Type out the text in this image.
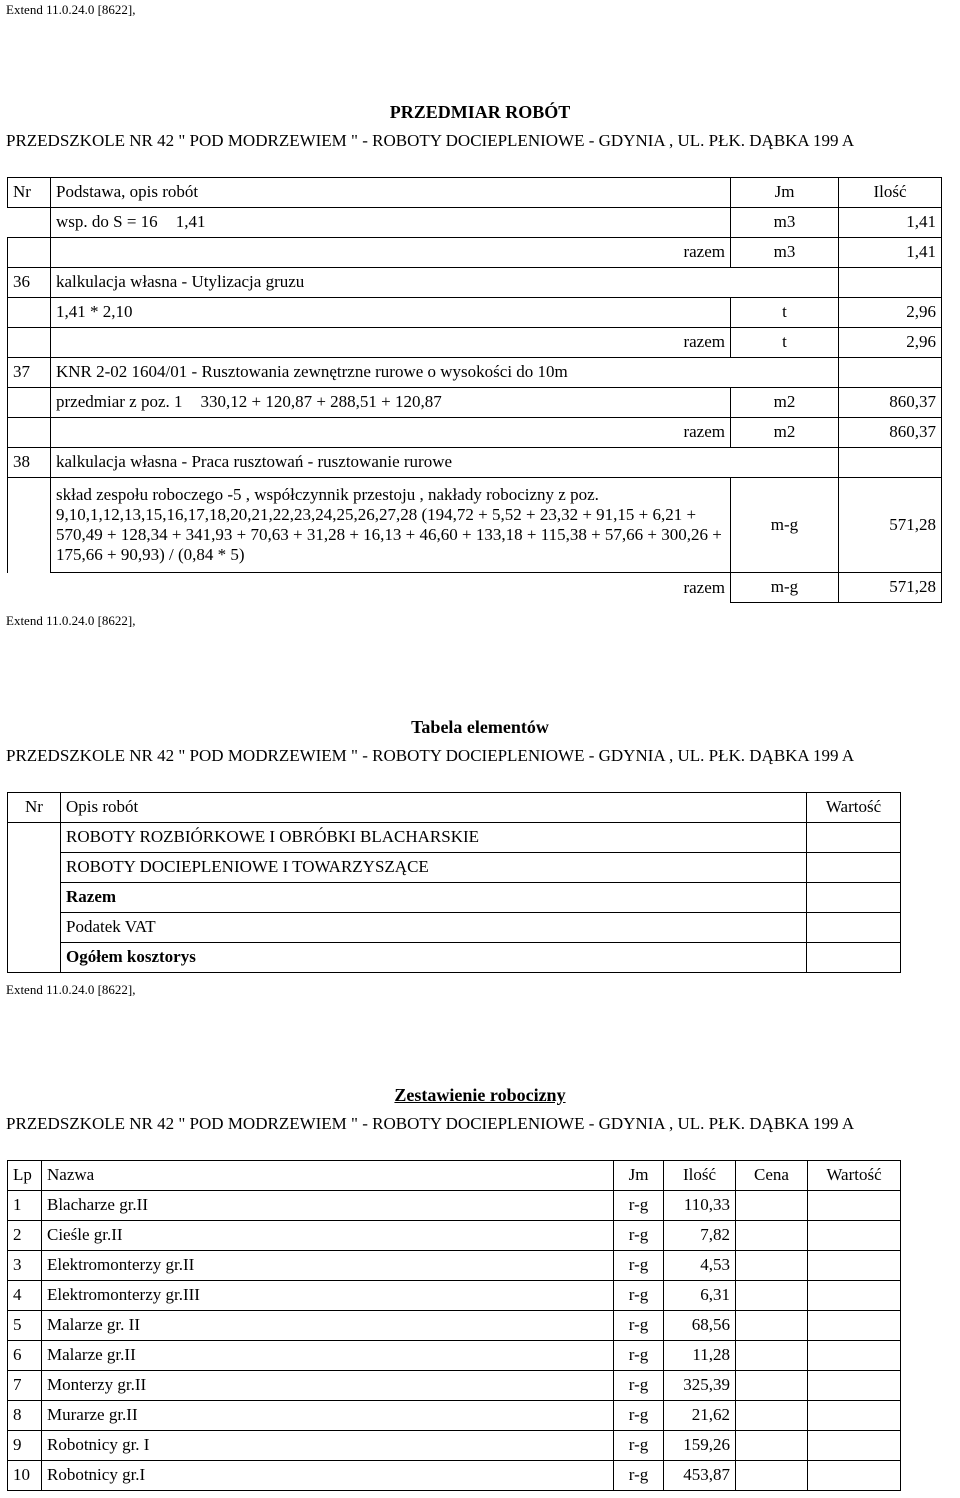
Extend 11.0.24.0 [8622],
PRZEDMIAR ROBÓT
PRZEDSZKOLE NR 42 " POD MODRZEWIEM " - ROBOTY DOCIEPLENIOWE - GDYNIA , UL. PŁK. DĄBKA 199 A
Nr	Podstawa, opis robót	Jm	Ilość
	wsp. do S = 16 1,41	m3	1,41
	razem	m3	1,41
36	kalkulacja własna - Utylizacja gruzu		
	1,41 * 2,10	t	2,96
	razem	t	2,96
37	KNR 2-02 1604/01 - Rusztowania zewnętrzne rurowe o wysokości do 10m		
	przedmiar z poz. 1 330,12 + 120,87 + 288,51 + 120,87	m2	860,37
	razem	m2	860,37
38	kalkulacja własna - Praca rusztowań - rusztowanie rurowe		
	skład zespołu roboczego -5 , współczynnik przestoju , nakłady robocizny z poz. 9,10,1,12,13,15,16,17,18,20,21,22,23,24,25,26,27,28 (194,72 + 5,52 + 23,32 + 91,15 + 6,21 + 570,49 + 128,34 + 341,93 + 70,63 + 31,28 + 16,13 + 46,60 + 133,18 + 115,38 + 57,66 + 300,26 + 175,66 + 90,93) / (0,84 * 5)	m-g	571,28
	razem	m-g	571,28
Extend 11.0.24.0 [8622],
Tabela elementów
PRZEDSZKOLE NR 42 " POD MODRZEWIEM " - ROBOTY DOCIEPLENIOWE - GDYNIA , UL. PŁK. DĄBKA 199 A
Nr	Opis robót	Wartość
	ROBOTY ROZBIÓRKOWE I OBRÓBKI BLACHARSKIE	
	ROBOTY DOCIEPLENIOWE I TOWARZYSZĄCE	
	Razem	
	Podatek VAT	
	Ogółem kosztorys	
Extend 11.0.24.0 [8622],
Zestawienie robocizny
PRZEDSZKOLE NR 42 " POD MODRZEWIEM " - ROBOTY DOCIEPLENIOWE - GDYNIA , UL. PŁK. DĄBKA 199 A
Lp	Nazwa	Jm	Ilość	Cena	Wartość
1	Blacharze gr.II	r-g	110,33		
2	Cieśle gr.II	r-g	7,82		
3	Elektromonterzy gr.II	r-g	4,53		
4	Elektromonterzy gr.III	r-g	6,31		
5	Malarze gr. II	r-g	68,56		
6	Malarze gr.II	r-g	11,28		
7	Monterzy gr.II	r-g	325,39		
8	Murarze gr.II	r-g	21,62		
9	Robotnicy gr. I	r-g	159,26		
10	Robotnicy gr.I	r-g	453,87		
